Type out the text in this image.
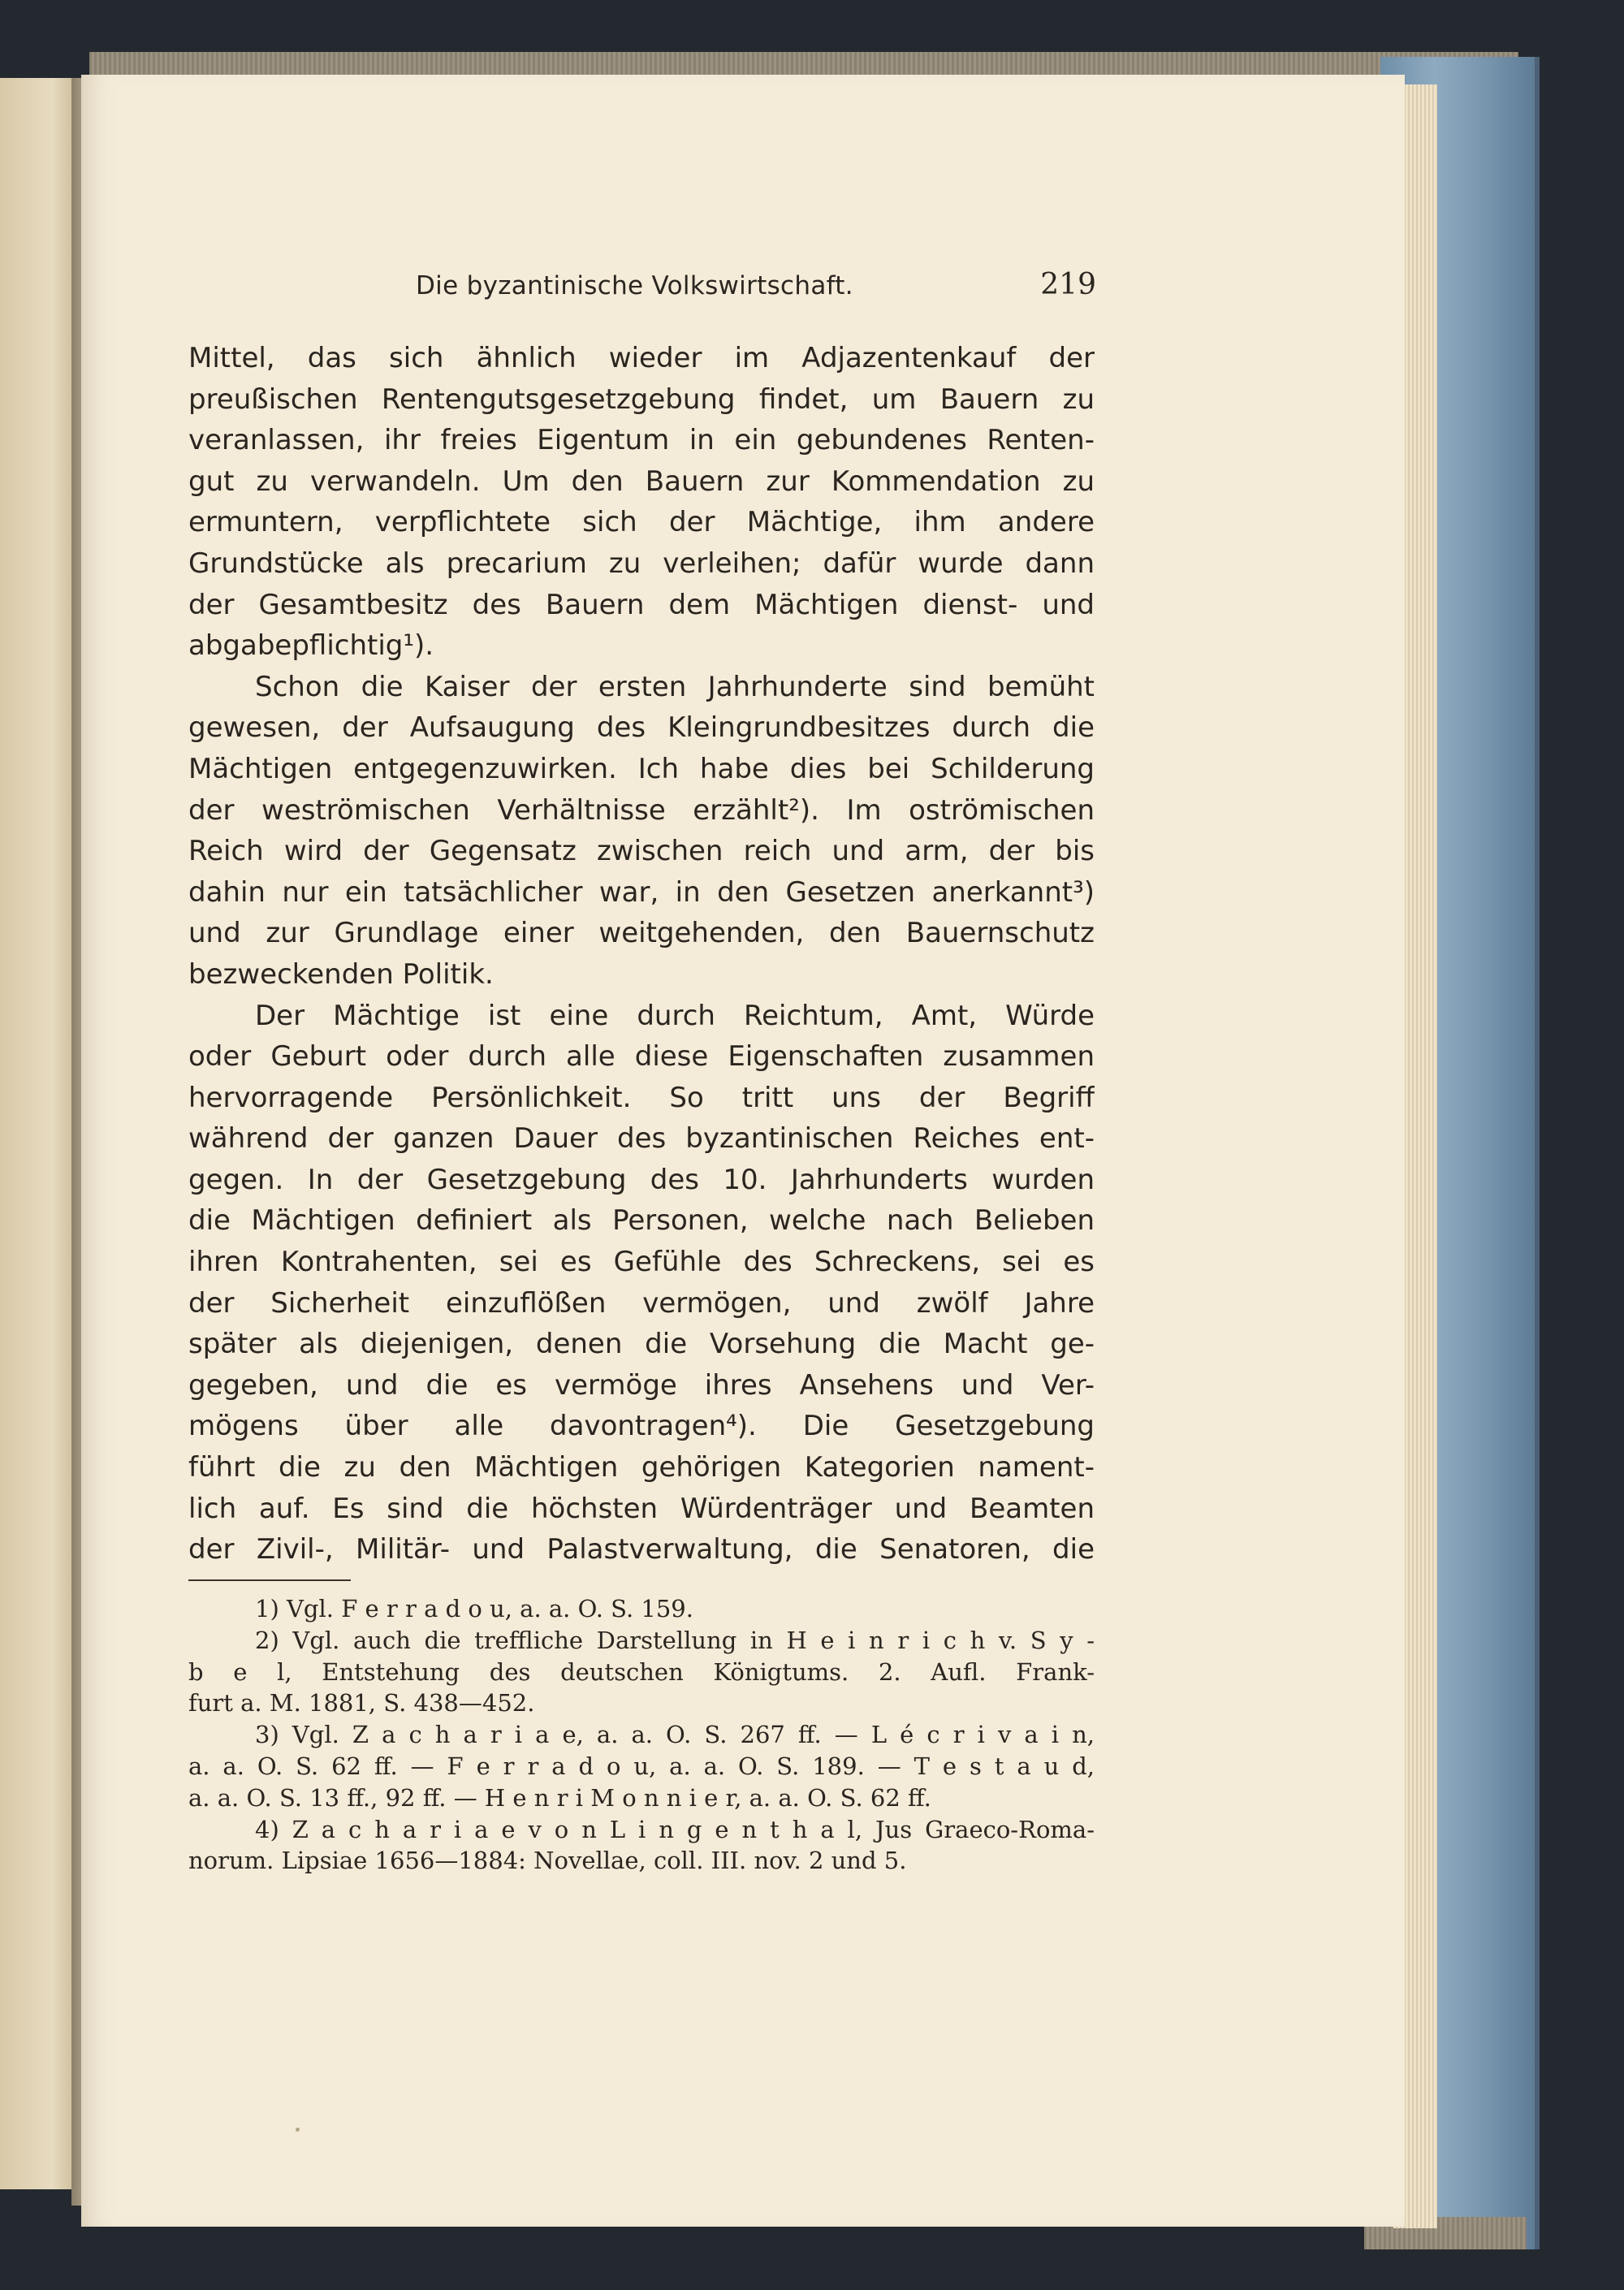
Die byzantinische Volkswirtschaft.	219
Mittel, das sich ähnlich wieder im Adjazentenkauf der
preußischen Rentengutsgesetzgebung findet, um Bauern zu
veranlassen, ihr freies Eigentum in ein gebundenes Renten-
gut zu verwandeln. Um den Bauern zur Kommendation zu
ermuntern, verpflichtete sich der Mächtige, ihm andere
Grundstücke als precarium zu verleihen; dafür wurde dann
der Gesamtbesitz des Bauern dem Mächtigen dienst- und
abgabepflichtig¹).
Schon die Kaiser der ersten Jahrhunderte sind bemüht
gewesen, der Aufsaugung des Kleingrundbesitzes durch die
Mächtigen entgegenzuwirken. Ich habe dies bei Schilderung
der weströmischen Verhältnisse erzählt²). Im oströmischen
Reich wird der Gegensatz zwischen reich und arm, der bis
dahin nur ein tatsächlicher war, in den Gesetzen anerkannt³)
und zur Grundlage einer weitgehenden, den Bauernschutz
bezweckenden Politik.
Der Mächtige ist eine durch Reichtum, Amt, Würde
oder Geburt oder durch alle diese Eigenschaften zusammen
hervorragende Persönlichkeit. So tritt uns der Begriff
während der ganzen Dauer des byzantinischen Reiches ent-
gegen. In der Gesetzgebung des 10. Jahrhunderts wurden
die Mächtigen definiert als Personen, welche nach Belieben
ihren Kontrahenten, sei es Gefühle des Schreckens, sei es
der Sicherheit einzuflößen vermögen, und zwölf Jahre
später als diejenigen, denen die Vorsehung die Macht ge-
gegeben, und die es vermöge ihres Ansehens und Ver-
mögens über alle davontragen⁴). Die Gesetzgebung
führt die zu den Mächtigen gehörigen Kategorien nament-
lich auf. Es sind die höchsten Würdenträger und Beamten
der Zivil-, Militär- und Palastverwaltung, die Senatoren, die
1) Vgl. F e r r a d o u, a. a. O. S. 159.
2) Vgl. auch die treffliche Darstellung in H e i n r i c h v. S y -
b e l, Entstehung des deutschen Königtums. 2. Aufl. Frank-
furt a. M. 1881, S. 438—452.
3) Vgl. Z a c h a r i a e, a. a. O. S. 267 ff. — L é c r i v a i n,
a. a. O. S. 62 ff. — F e r r a d o u, a. a. O. S. 189. — T e s t a u d,
a. a. O. S. 13 ff., 92 ff. — H e n r i M o n n i e r, a. a. O. S. 62 ff.
4) Z a c h a r i a e v o n L i n g e n t h a l, Jus Graeco-Roma-
norum. Lipsiae 1656—1884: Novellae, coll. III. nov. 2 und 5.
